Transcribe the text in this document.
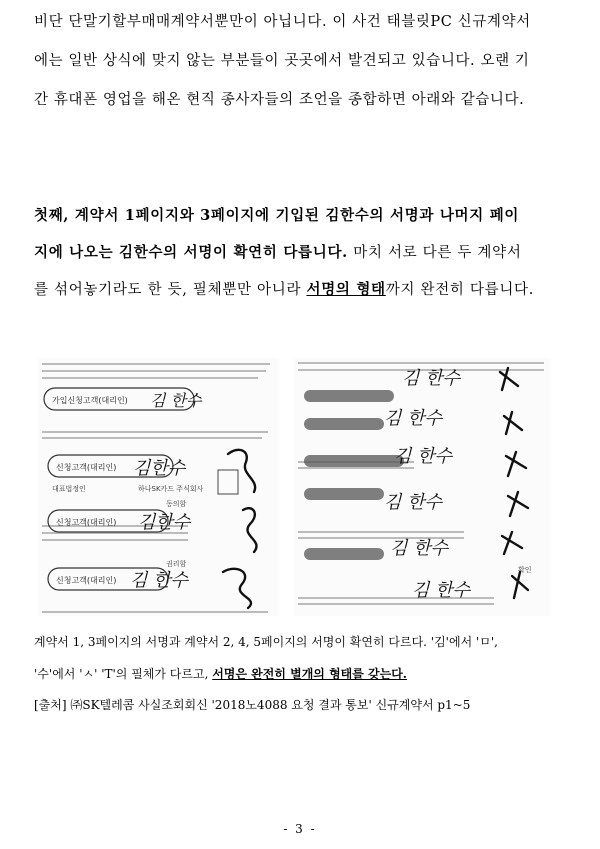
비단 단말기할부매매계약서뿐만이 아닙니다. 이 사건 태블릿PC 신규계약서
에는 일반 상식에 맞지 않는 부분들이 곳곳에서 발견되고 있습니다. 오랜 기
간 휴대폰 영업을 해온 현직 종사자들의 조언을 종합하면 아래와 같습니다.
첫째, 계약서 1페이지와 3페이지에 기입된 김한수의 서명과 나머지 페이
지에 나오는 김한수의 서명이 확연히 다릅니다. 마치 서로 다른 두 계약서
를 섞어놓기라도 한 듯, 필체뿐만 아니라 서명의 형태까지 완전히 다릅니다.
가입신청고객(대리인)
신청고객(대리인)
신청고객(대리인)
신청고객(대리인)
김 한수
김한수
김한수
김 한수
대표법정인	하나SK카드 주식회사
동의함
권리함
김 한수
김 한수
김 한수
김 한수
김 한수
김 한수
확인
계약서 1, 3페이지의 서명과 계약서 2, 4, 5페이지의 서명이 확연히 다르다. '김'에서 'ㅁ',
'수'에서 'ㅅ' 'T'의 필체가 다르고, 서명은 완전히 별개의 형태를 갖는다.
[출처] ㈜SK텔레콤 사실조회회신 '2018노4088 요청 결과 통보' 신규계약서 p1~5
- 3 -
